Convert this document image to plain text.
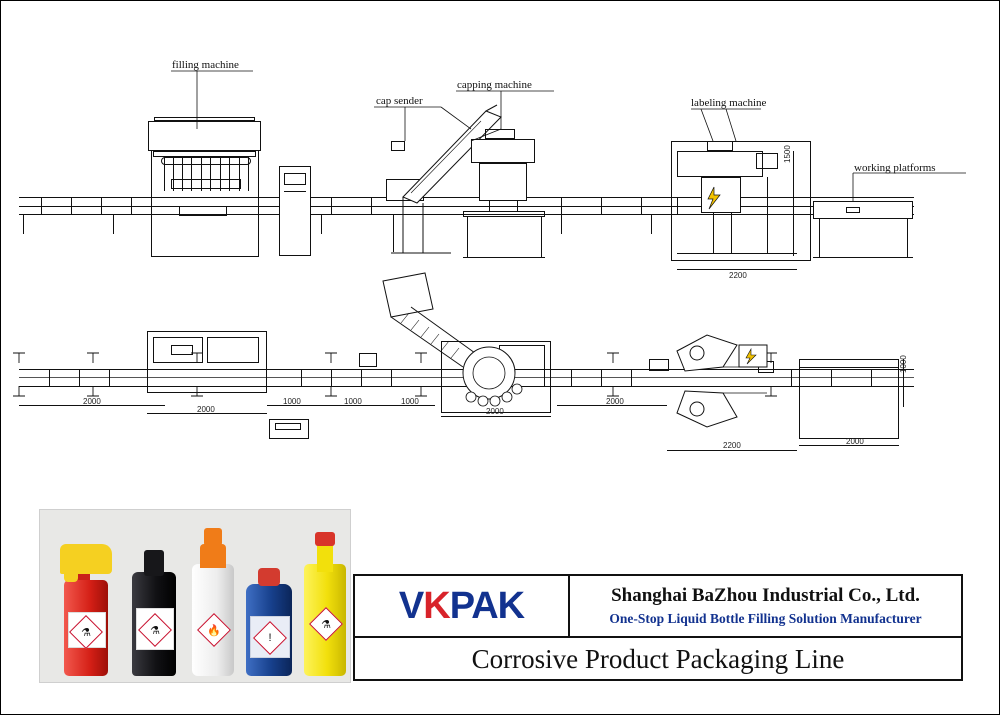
1500
2200
filling machine
cap sender
capping machine
labeling machine
working platforms
2000
2000
1000	1000	1000
2000
2000
2200	2000
1000
⚗	⚗	🔥
!
⚗ VKPAK	Shanghai BaZhou Industrial Co., Ltd.
One-Stop Liquid Bottle Filling Solution Manufacturer
Corrosive Product Packaging Line
